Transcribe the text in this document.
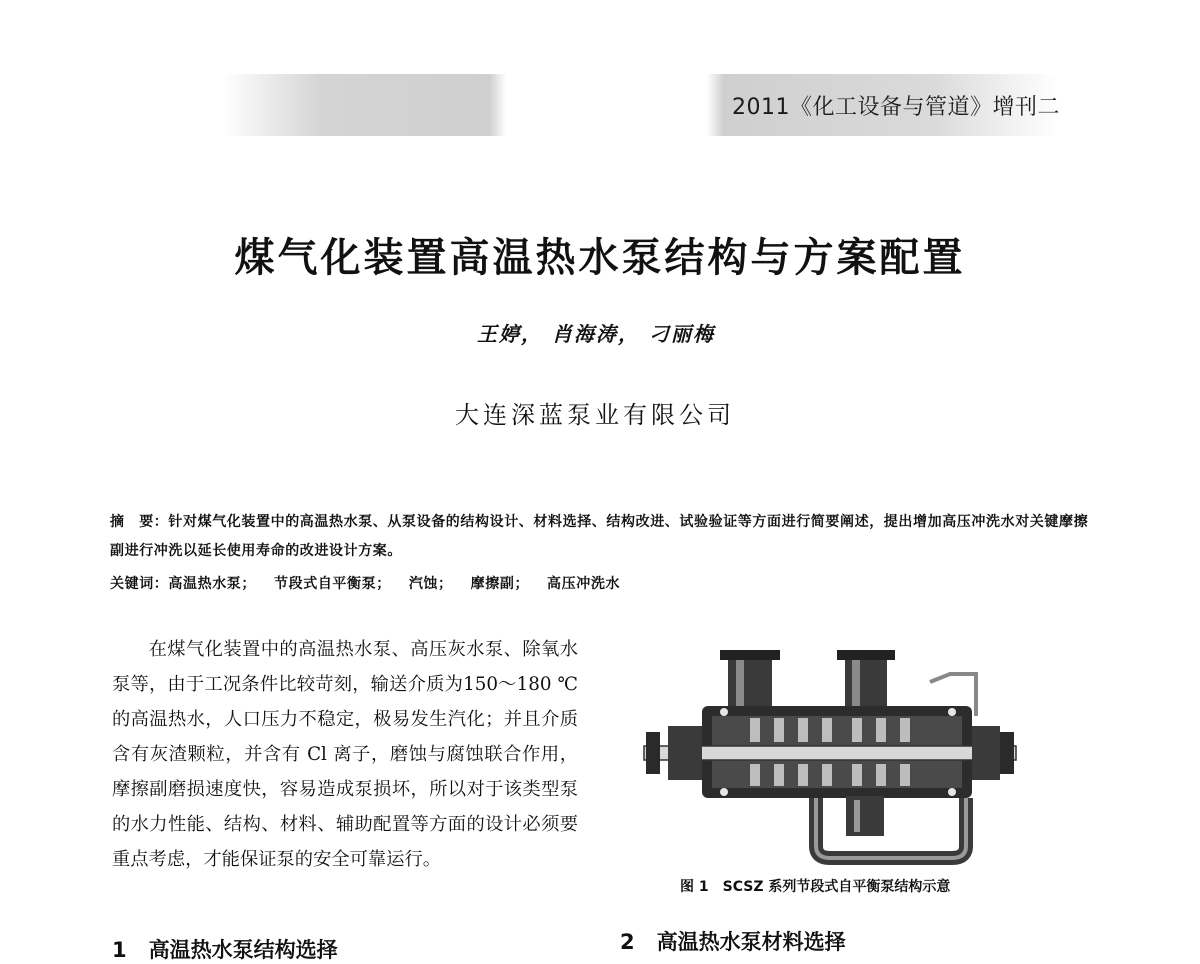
2011《化工设备与管道》增刊二
煤气化装置高温热水泵结构与方案配置
王婷， 肖海涛， 刁丽梅
大连深蓝泵业有限公司
摘　要：针对煤气化装置中的高温热水泵、从泵设备的结构设计、材料选择、结构改进、试验验证等方面进行简要阐述，提出增加高压冲洗水对关键摩擦副进行冲洗以延长使用寿命的改进设计方案。
关键词：高温热水泵； 节段式自平衡泵； 汽蚀； 摩擦副； 高压冲洗水

在煤气化装置中的高温热水泵、高压灰水泵、除氧水泵等，由于工况条件比较苛刻，输送介质为150～180 ℃的高温热水，人口压力不稳定，极易发生汽化；并且介质含有灰渣颗粒，并含有 Cl 离子，磨蚀与腐蚀联合作用，摩擦副磨损速度快，容易造成泵损坏，所以对于该类型泵的水力性能、结构、材料、辅助配置等方面的设计必须要重点考虑，才能保证泵的安全可靠运行。

1 高温热水泵结构选择
图 1 SCSZ 系列节段式自平衡泵结构示意
2 高温热水泵材料选择
